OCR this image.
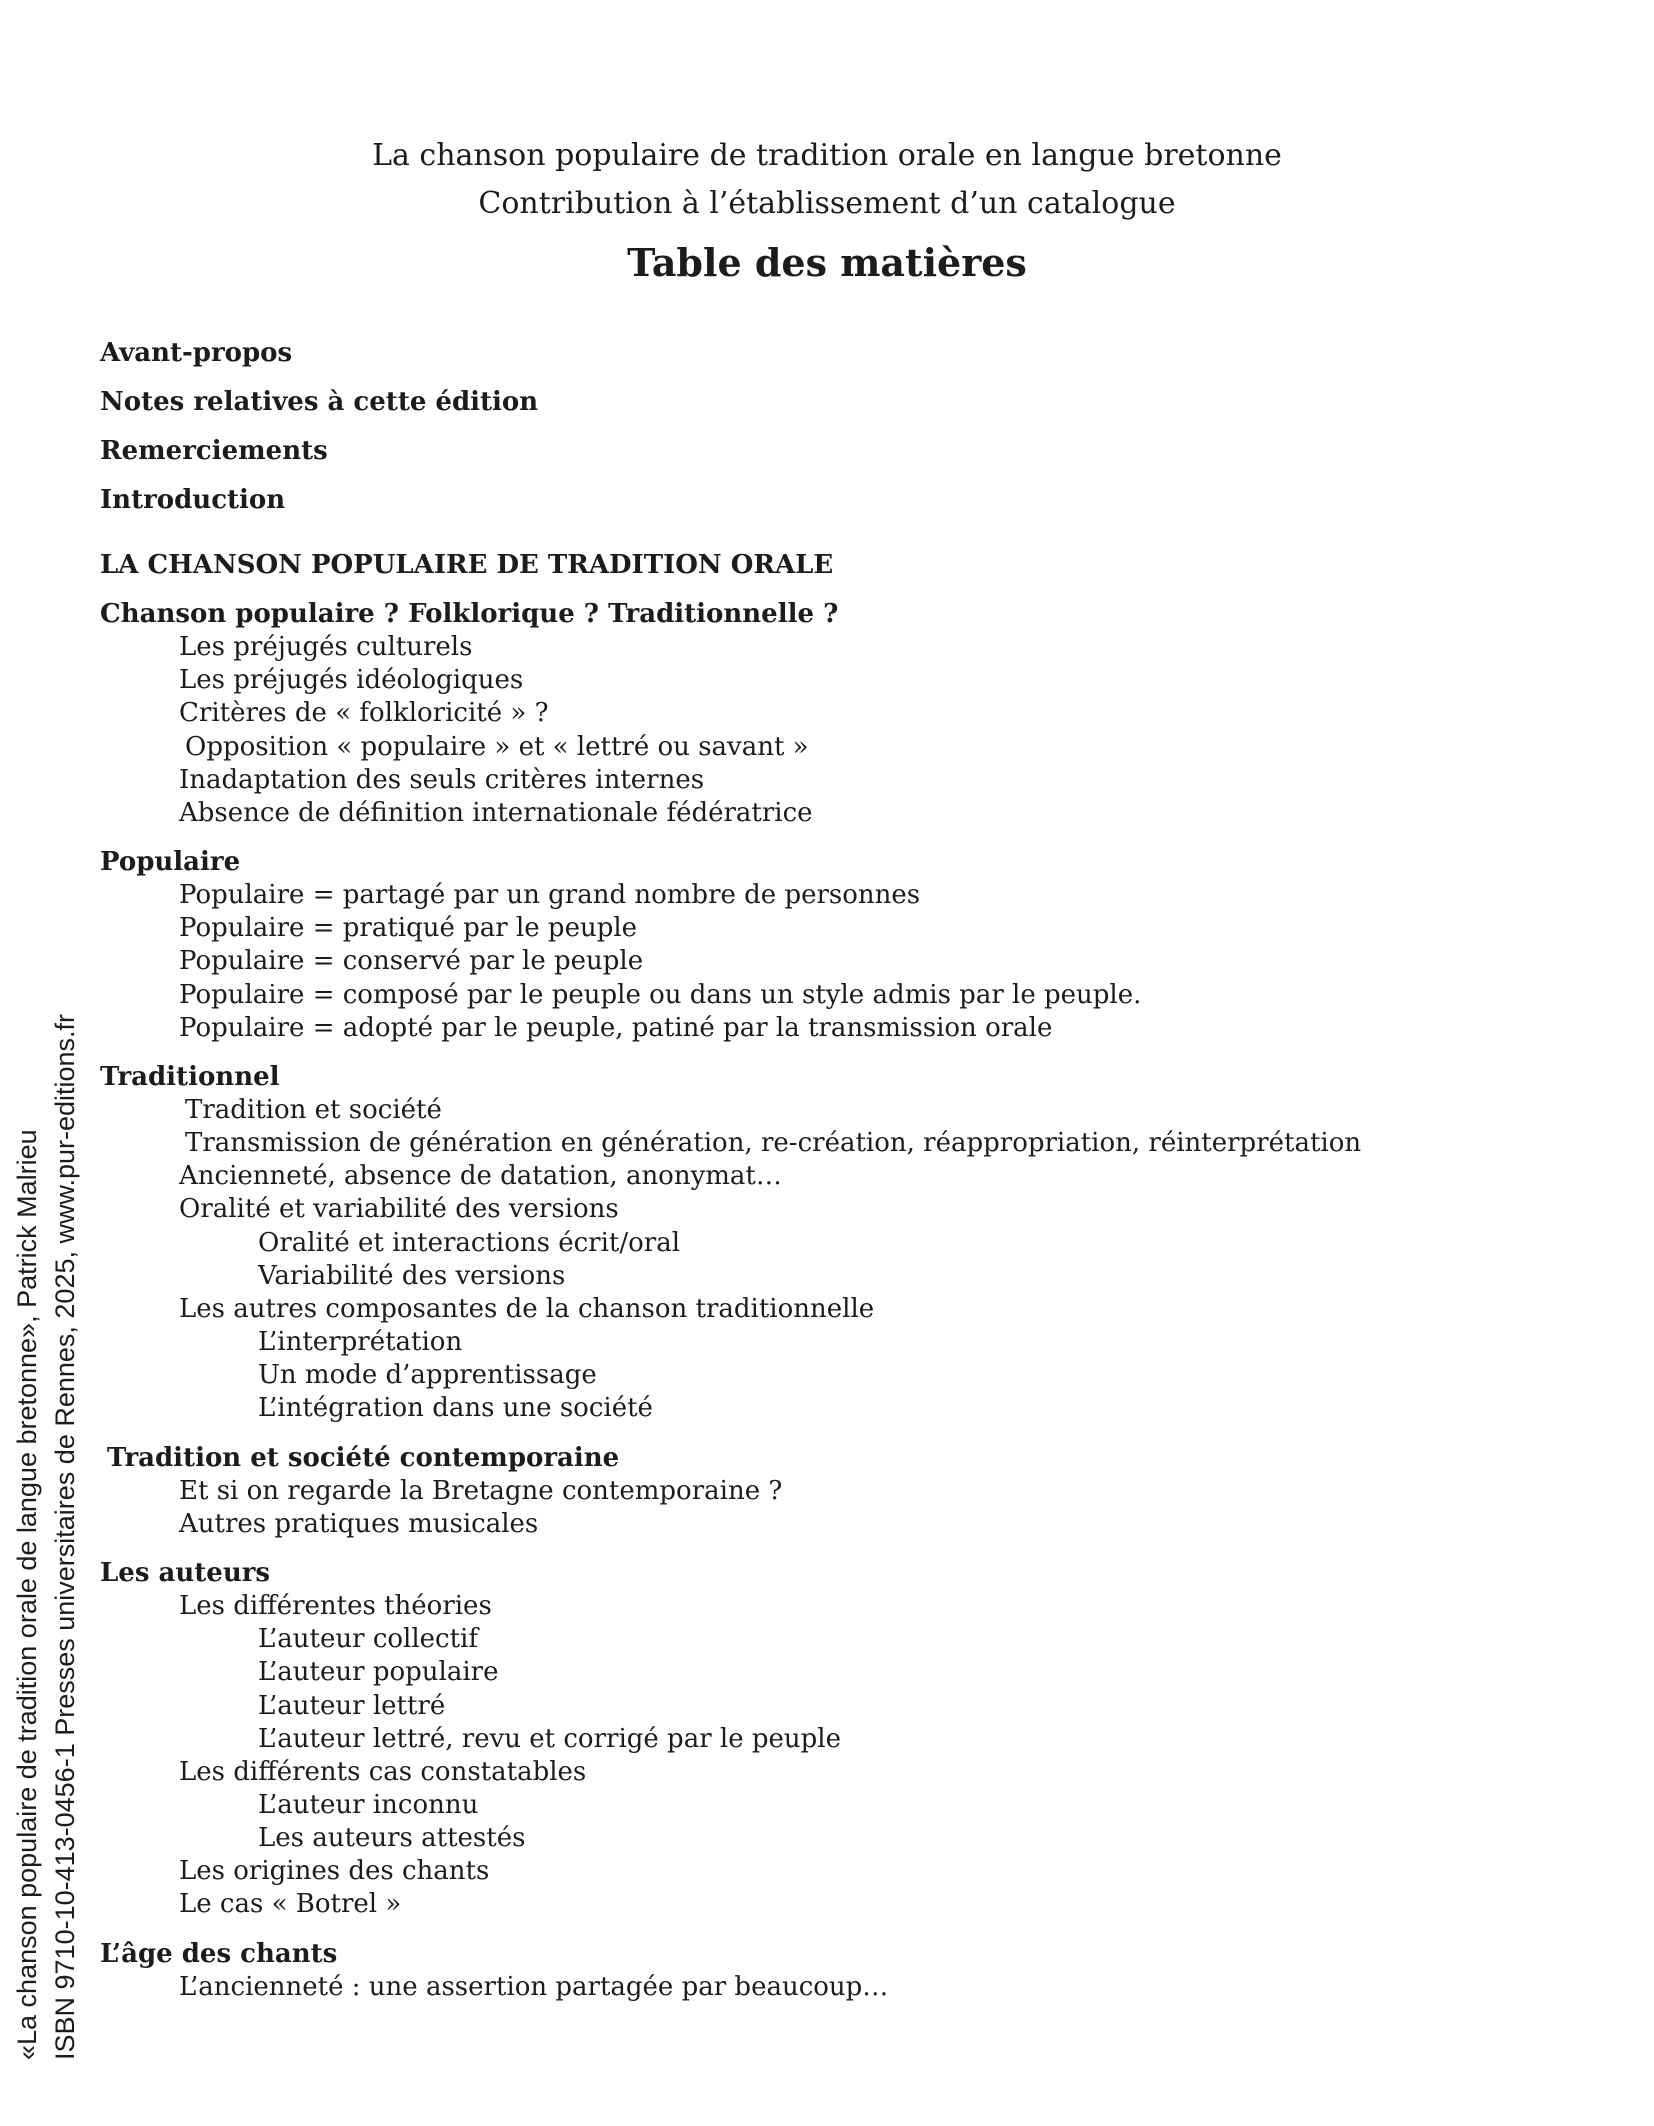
La chanson populaire de tradition orale en langue bretonne
Contribution à l’établissement d’un catalogue
Table des matières
Avant-propos
Notes relatives à cette édition
Remerciements
Introduction
LA CHANSON POPULAIRE DE TRADITION ORALE
Chanson populaire ? Folklorique ? Traditionnelle ?
Les préjugés culturels
Les préjugés idéologiques
Critères de « folkloricité » ?
Opposition « populaire » et « lettré ou savant »
Inadaptation des seuls critères internes
Absence de définition internationale fédératrice
Populaire
Populaire = partagé par un grand nombre de personnes
Populaire = pratiqué par le peuple
Populaire = conservé par le peuple
Populaire = composé par le peuple ou dans un style admis par le peuple.
Populaire = adopté par le peuple, patiné par la transmission orale
Traditionnel
Tradition et société
Transmission de génération en génération, re-création, réappropriation, réinterprétation
Ancienneté, absence de datation, anonymat…
Oralité et variabilité des versions
Oralité et interactions écrit/oral
Variabilité des versions
Les autres composantes de la chanson traditionnelle
L’interprétation
Un mode d’apprentissage
L’intégration dans une société
Tradition et société contemporaine
Et si on regarde la Bretagne contemporaine ?
Autres pratiques musicales
Les auteurs
Les différentes théories
L’auteur collectif
L’auteur populaire
L’auteur lettré
L’auteur lettré, revu et corrigé par le peuple
Les différents cas constatables
L’auteur inconnu
Les auteurs attestés
Les origines des chants
Le cas « Botrel »
L’âge des chants
L’ancienneté : une assertion partagée par beaucoup…
«La chanson populaire de tradition orale de langue bretonne», Patrick Malrieu ISBN 9710-10-413-0456-1 Presses universitaires de Rennes, 2025, www.pur-editions.fr
